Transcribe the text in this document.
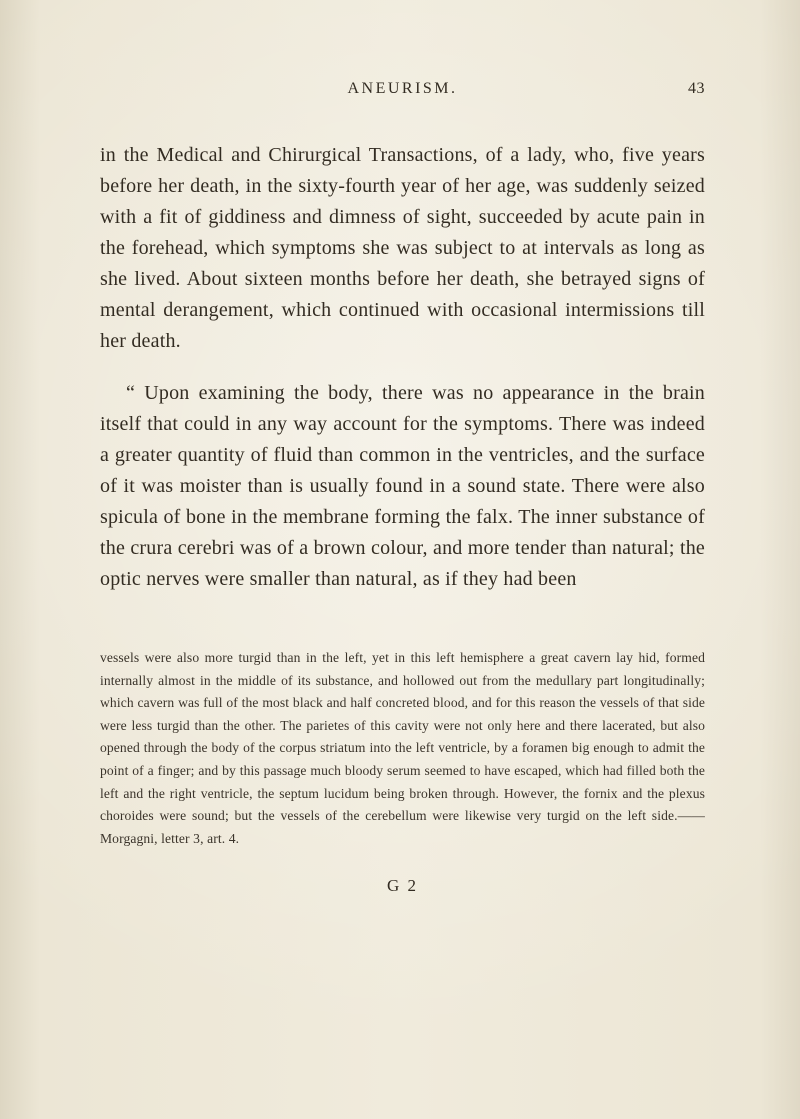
ANEURISM.	43

in the Medical and Chirurgical Transactions, of a lady, who, five years before her death, in the sixty-fourth year of her age, was suddenly seized with a fit of giddiness and dimness of sight, succeeded by acute pain in the forehead, which symptoms she was subject to at intervals as long as she lived. About sixteen months before her death, she betrayed signs of mental derangement, which continued with occasional intermissions till her death.

“ Upon examining the body, there was no appearance in the brain itself that could in any way account for the symptoms. There was indeed a greater quantity of fluid than common in the ventricles, and the surface of it was moister than is usually found in a sound state. There were also spicula of bone in the membrane forming the falx. The inner substance of the crura cerebri was of a brown colour, and more tender than natural; the optic nerves were smaller than natural, as if they had been

vessels were also more turgid than in the left, yet in this left hemisphere a great cavern lay hid, formed internally almost in the middle of its substance, and hollowed out from the medullary part longitudinally; which cavern was full of the most black and half concreted blood, and for this reason the vessels of that side were less turgid than the other. The parietes of this cavity were not only here and there lacerated, but also opened through the body of the corpus striatum into the left ventricle, by a foramen big enough to admit the point of a finger; and by this passage much bloody serum seemed to have escaped, which had filled both the left and the right ventricle, the septum lucidum being broken through. However, the fornix and the plexus choroides were sound; but the vessels of the cerebellum were likewise very turgid on the left side.——Morgagni, letter 3, art. 4.
G 2
